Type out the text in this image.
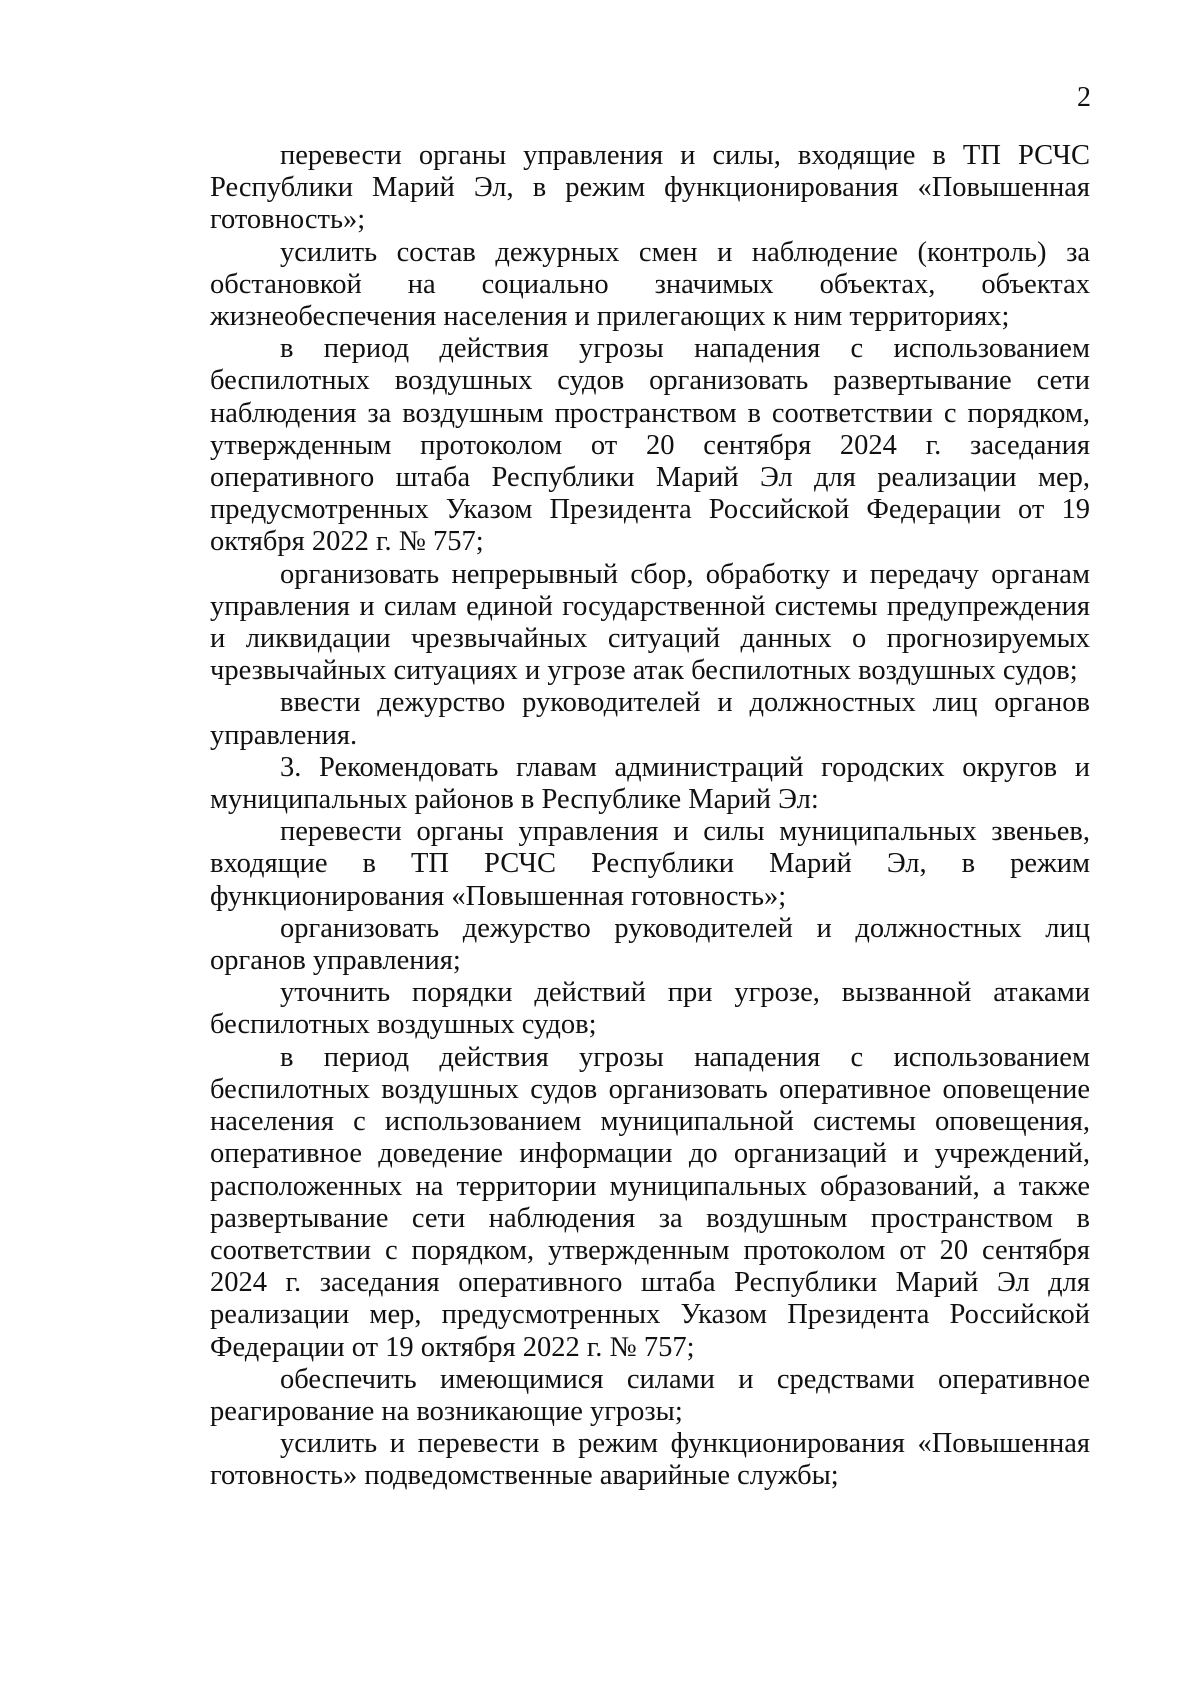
2

перевести органы управления и силы, входящие в ТП РСЧС Республики Марий Эл, в режим функционирования «Повышенная готовность»;

усилить состав дежурных смен и наблюдение (контроль) за обстановкой на социально значимых объектах, объектах жизнеобеспечения населения и прилегающих к ним территориях;

в период действия угрозы нападения с использованием беспилотных воздушных судов организовать развертывание сети наблюдения за воздушным пространством в соответствии с порядком, утвержденным протоколом от 20 сентября 2024 г. заседания оперативного штаба Республики Марий Эл для реализации мер, предусмотренных Указом Президента Российской Федерации от 19 октября 2022 г. № 757;

организовать непрерывный сбор, обработку и передачу органам управления и силам единой государственной системы предупреждения и ликвидации чрезвычайных ситуаций данных о прогнозируемых чрезвычайных ситуациях и угрозе атак беспилотных воздушных судов;

ввести дежурство руководителей и должностных лиц органов управления.

3. Рекомендовать главам администраций городских округов и муниципальных районов в Республике Марий Эл:

перевести органы управления и силы муниципальных звеньев, входящие в ТП РСЧС Республики Марий Эл, в режим функционирования «Повышенная готовность»;

организовать дежурство руководителей и должностных лиц органов управления;

уточнить порядки действий при угрозе, вызванной атаками беспилотных воздушных судов;

в период действия угрозы нападения с использованием беспилотных воздушных судов организовать оперативное оповещение населения с использованием муниципальной системы оповещения, оперативное доведение информации до организаций и учреждений, расположенных на территории муниципальных образований, а также развертывание сети наблюдения за воздушным пространством в соответствии с порядком, утвержденным протоколом от 20 сентября 2024 г. заседания оперативного штаба Республики Марий Эл для реализации мер, предусмотренных Указом Президента Российской Федерации от 19 октября 2022 г. № 757;

обеспечить имеющимися силами и средствами оперативное реагирование на возникающие угрозы;

усилить и перевести в режим функционирования «Повышенная готовность» подведомственные аварийные службы;
